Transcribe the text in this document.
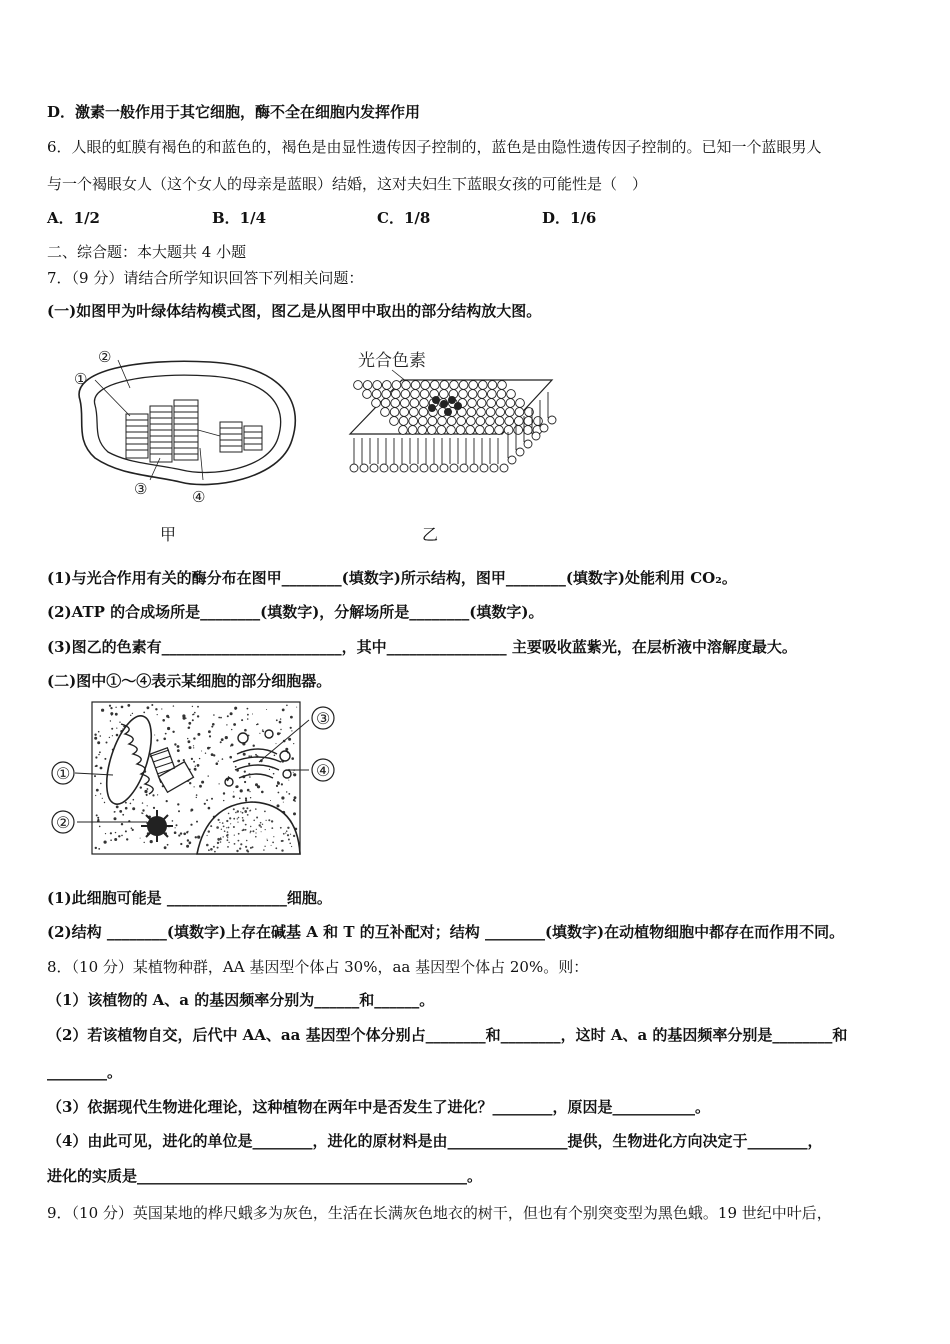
D．激素一般作用于其它细胞，酶不全在细胞内发挥作用
6．人眼的虹膜有褐色的和蓝色的，褐色是由显性遗传因子控制的，蓝色是由隐性遗传因子控制的。已知一个蓝眼男人
与一个褐眼女人（这个女人的母亲是蓝眼）结婚，这对夫妇生下蓝眼女孩的可能性是（　）
A．1/2	B．1/4	C．1/8	D．1/6
二、综合题：本大题共 4 小题
7．（9 分）请结合所学知识回答下列相关问题：
(一)如图甲为叶绿体结构模式图，图乙是从图甲中取出的部分结构放大图。
②
①
③	④
光合色素
甲	乙
(1)与光合作用有关的酶分布在图甲________(填数字)所示结构，图甲________(填数字)处能利用 CO₂。
(2)ATP 的合成场所是________(填数字)，分解场所是________(填数字)。
(3)图乙的色素有________________________，其中________________ 主要吸收蓝紫光，在层析液中溶解度最大。
(二)图中①～④表示某细胞的部分细胞器。
①
②
③
④
(1)此细胞可能是 ________________细胞。
(2)结构 ________(填数字)上存在碱基 A 和 T 的互补配对；结构 ________(填数字)在动植物细胞中都存在而作用不同。
8．（10 分）某植物种群，AA 基因型个体占 30%，aa 基因型个体占 20%。则：
（1）该植物的 A、a 的基因频率分别为______和______。
（2）若该植物自交，后代中 AA、aa 基因型个体分别占________和________，这时 A、a 的基因频率分别是________和
________。
（3）依据现代生物进化理论，这种植物在两年中是否发生了进化？________，原因是___________。
（4）由此可见，进化的单位是________，进化的原材料是由________________提供，生物进化方向决定于________，
进化的实质是____________________________________________。
9．（10 分）英国某地的桦尺蛾多为灰色，生活在长满灰色地衣的树干，但也有个别突变型为黑色蛾。19 世纪中叶后，
